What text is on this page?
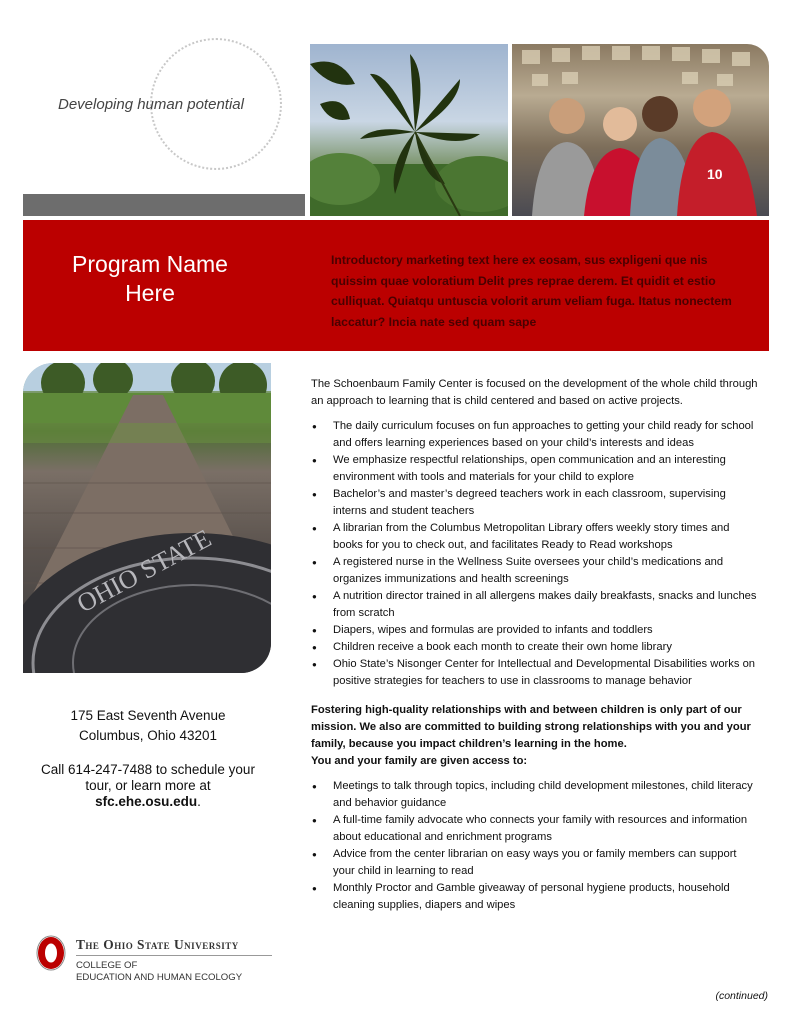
Developing human potential
10
Program Name
Here
Introductory marketing text here ex eosam, sus expligeni que nis quissim quae voloratium Delit pres reprae derem. Et quidit et estio culliquat. Quiatqu untuscia volorit arum veliam fuga. Itatus nonectem laccatur? Incia nate sed quam sape
OHIO STATE

175 East Seventh Avenue

Columbus, Ohio 43201

Call 614-247-7488 to schedule your tour, or learn more at sfc.ehe.osu.edu.
The Ohio State University

COLLEGE OF

EDUCATION AND HUMAN ECOLOGY

The Schoenbaum Family Center is focused on the development of the whole child through an approach to learning that is child centered and based on active projects.

● The daily curriculum focuses on fun approaches to getting your child ready for school and offers learning experiences based on your child’s interests and ideas
● We emphasize respectful relationships, open communication and an interesting environment with tools and materials for your child to explore
● Bachelor’s and master’s degreed teachers work in each classroom, supervising interns and student teachers
● A librarian from the Columbus Metropolitan Library offers weekly story times and books for you to check out, and facilitates Ready to Read workshops
● A registered nurse in the Wellness Suite oversees your child’s medications and organizes immunizations and health screenings
● A nutrition director trained in all allergens makes daily breakfasts, snacks and lunches from scratch
● Diapers, wipes and formulas are provided to infants and toddlers
● Children receive a book each month to create their own home library
● Ohio State’s Nisonger Center for Intellectual and Developmental Disabilities works on positive strategies for teachers to use in classrooms to manage behavior

Fostering high-quality relationships with and between children is only part of our mission. We also are committed to building strong relationships with you and your family, because you impact children’s learning in the home.
You and your family are given access to:

● Meetings to talk through topics, including child development milestones, child literacy and behavior guidance
● A full-time family advocate who connects your family with resources and information about educational and enrichment programs
● Advice from the center librarian on easy ways you or family members can support your child in learning to read
● Monthly Proctor and Gamble giveaway of personal hygiene products, household cleaning supplies, diapers and wipes
(continued)
